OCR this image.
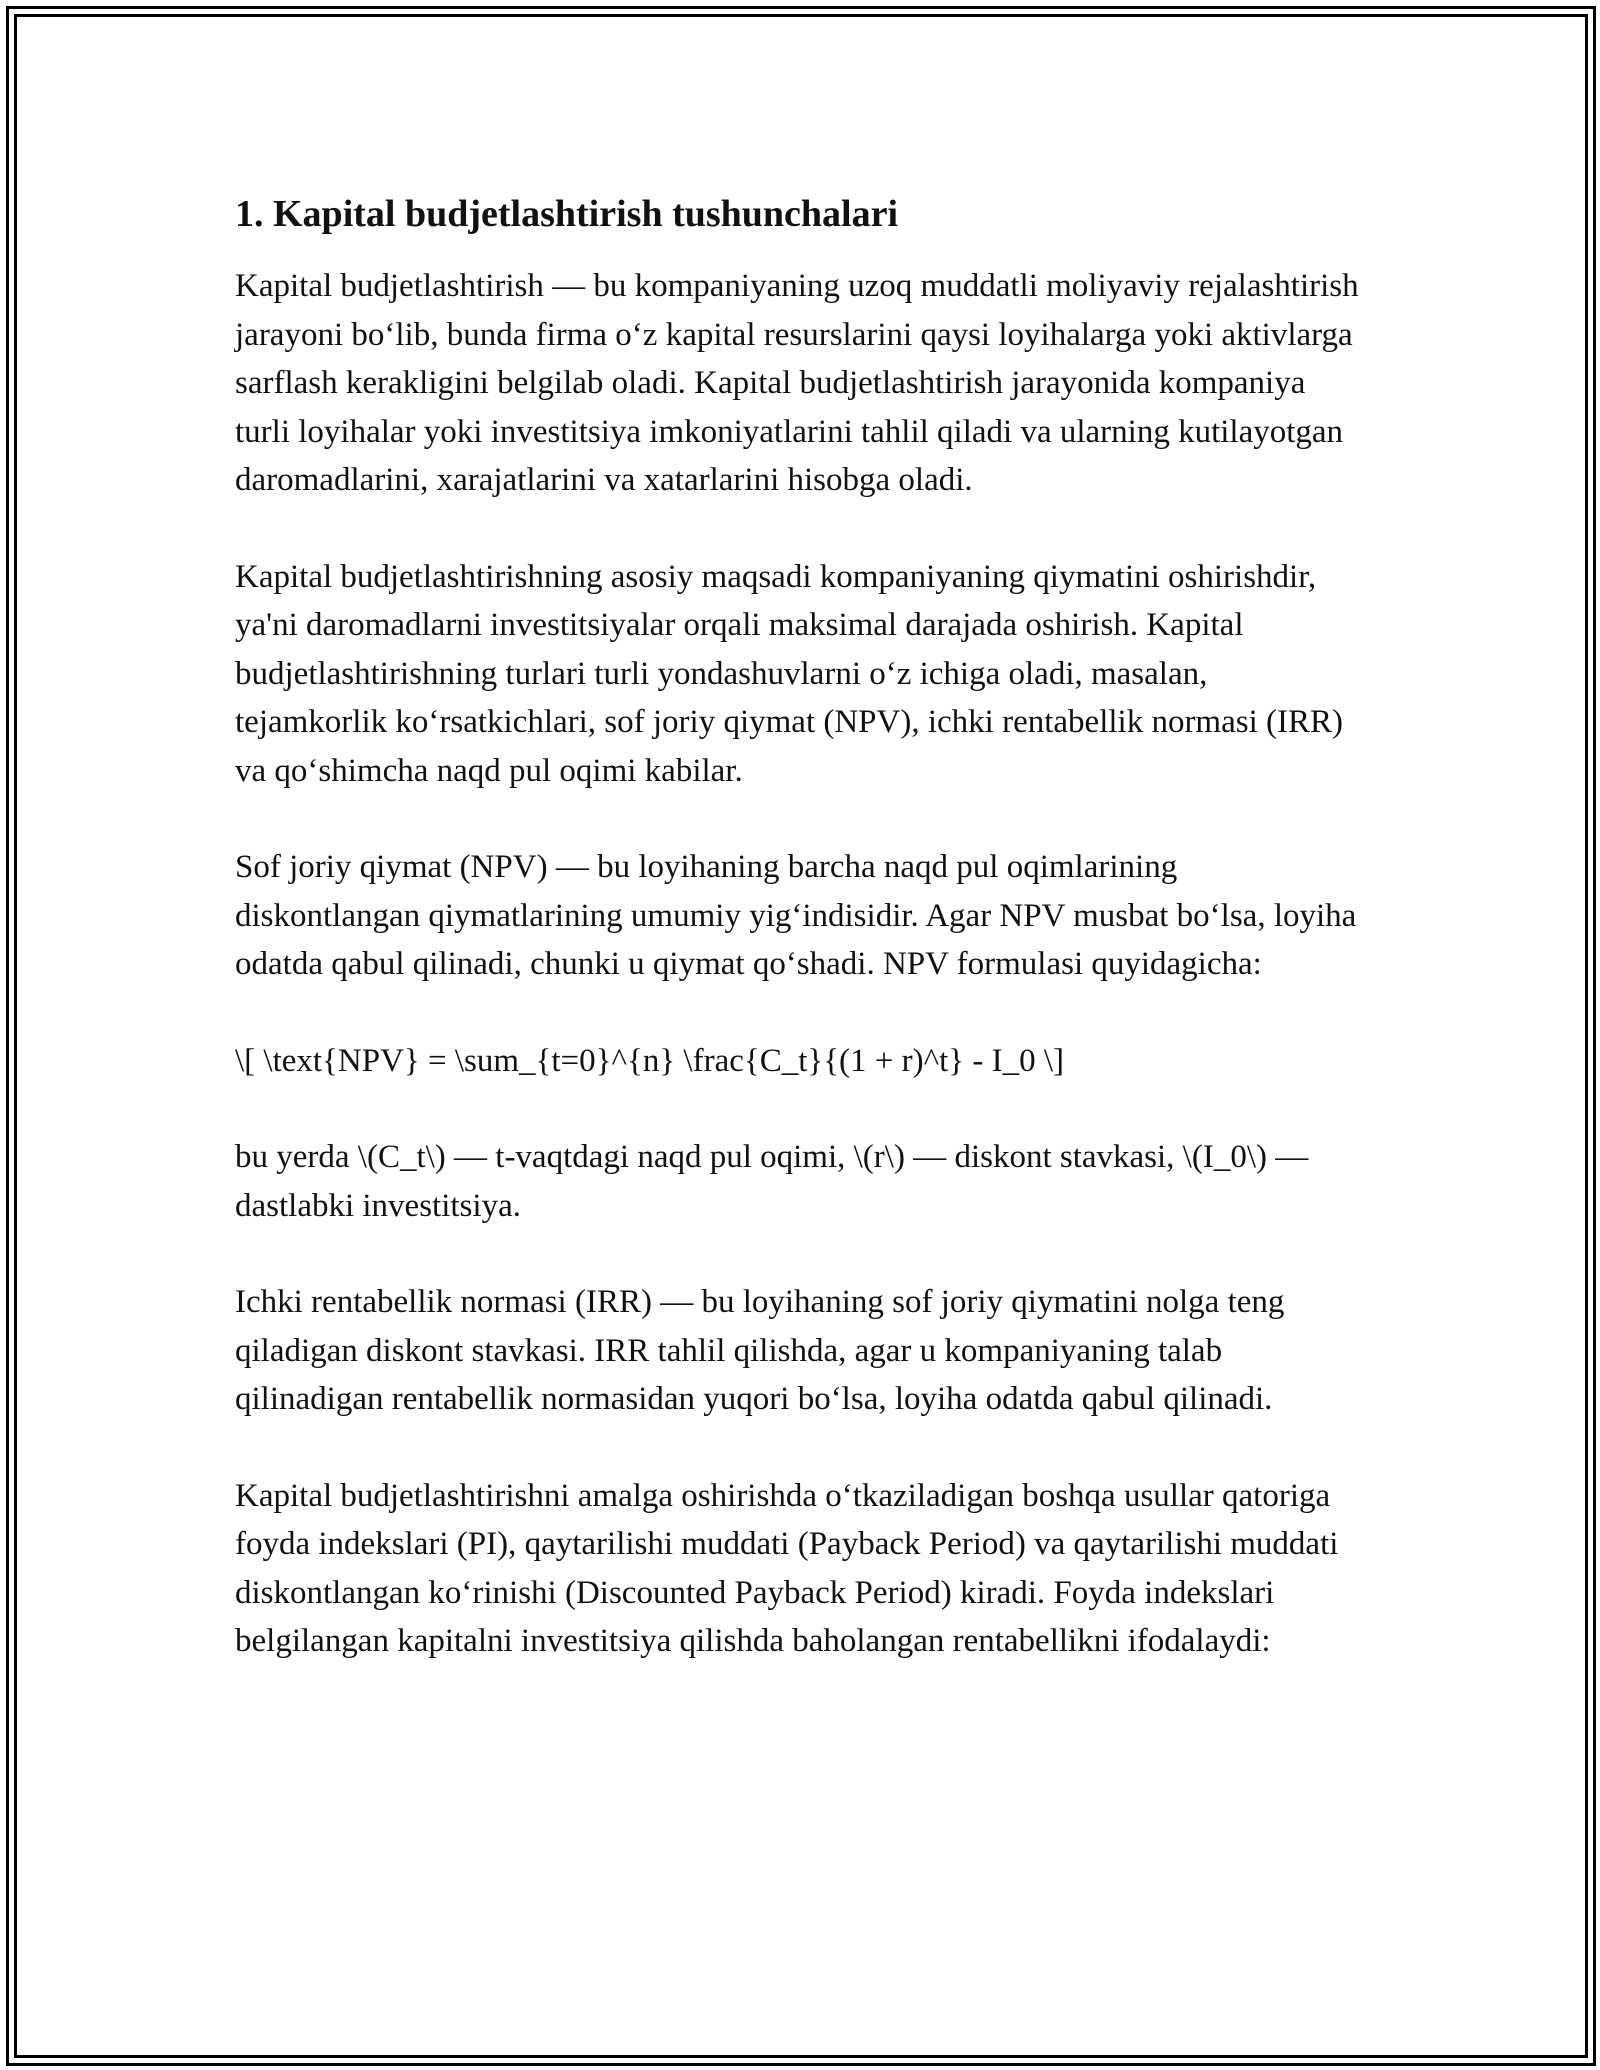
1. Kapital budjetlashtirish tushunchalari

Kapital budjetlashtirish — bu kompaniyaning uzoq muddatli moliyaviy rejalashtirish jarayoni bo‘lib, bunda firma o‘z kapital resurslarini qaysi loyihalarga yoki aktivlarga sarflash kerakligini belgilab oladi. Kapital budjetlashtirish jarayonida kompaniya turli loyihalar yoki investitsiya imkoniyatlarini tahlil qiladi va ularning kutilayotgan daromadlarini, xarajatlarini va xatarlarini hisobga oladi.

Kapital budjetlashtirishning asosiy maqsadi kompaniyaning qiymatini oshirishdir, ya'ni daromadlarni investitsiyalar orqali maksimal darajada oshirish. Kapital budjetlashtirishning turlari turli yondashuvlarni o‘z ichiga oladi, masalan, tejamkorlik ko‘rsatkichlari, sof joriy qiymat (NPV), ichki rentabellik normasi (IRR) va qo‘shimcha naqd pul oqimi kabilar.

Sof joriy qiymat (NPV) — bu loyihaning barcha naqd pul oqimlarining diskontlangan qiymatlarining umumiy yig‘indisidir. Agar NPV musbat bo‘lsa, loyiha odatda qabul qilinadi, chunki u qiymat qo‘shadi. NPV formulasi quyidagicha:

\[ \text{NPV} = \sum_{t=0}^{n} \frac{C_t}{(1 + r)^t} - I_0 \]

bu yerda \(C_t\) — t-vaqtdagi naqd pul oqimi, \(r\) — diskont stavkasi, \(I_0\) — dastlabki investitsiya.

Ichki rentabellik normasi (IRR) — bu loyihaning sof joriy qiymatini nolga teng qiladigan diskont stavkasi. IRR tahlil qilishda, agar u kompaniyaning talab qilinadigan rentabellik normasidan yuqori bo‘lsa, loyiha odatda qabul qilinadi.

Kapital budjetlashtirishni amalga oshirishda o‘tkaziladigan boshqa usullar qatoriga foyda indekslari (PI), qaytarilishi muddati (Payback Period) va qaytarilishi muddati diskontlangan ko‘rinishi (Discounted Payback Period) kiradi. Foyda indekslari belgilangan kapitalni investitsiya qilishda baholangan rentabellikni ifodalaydi:
